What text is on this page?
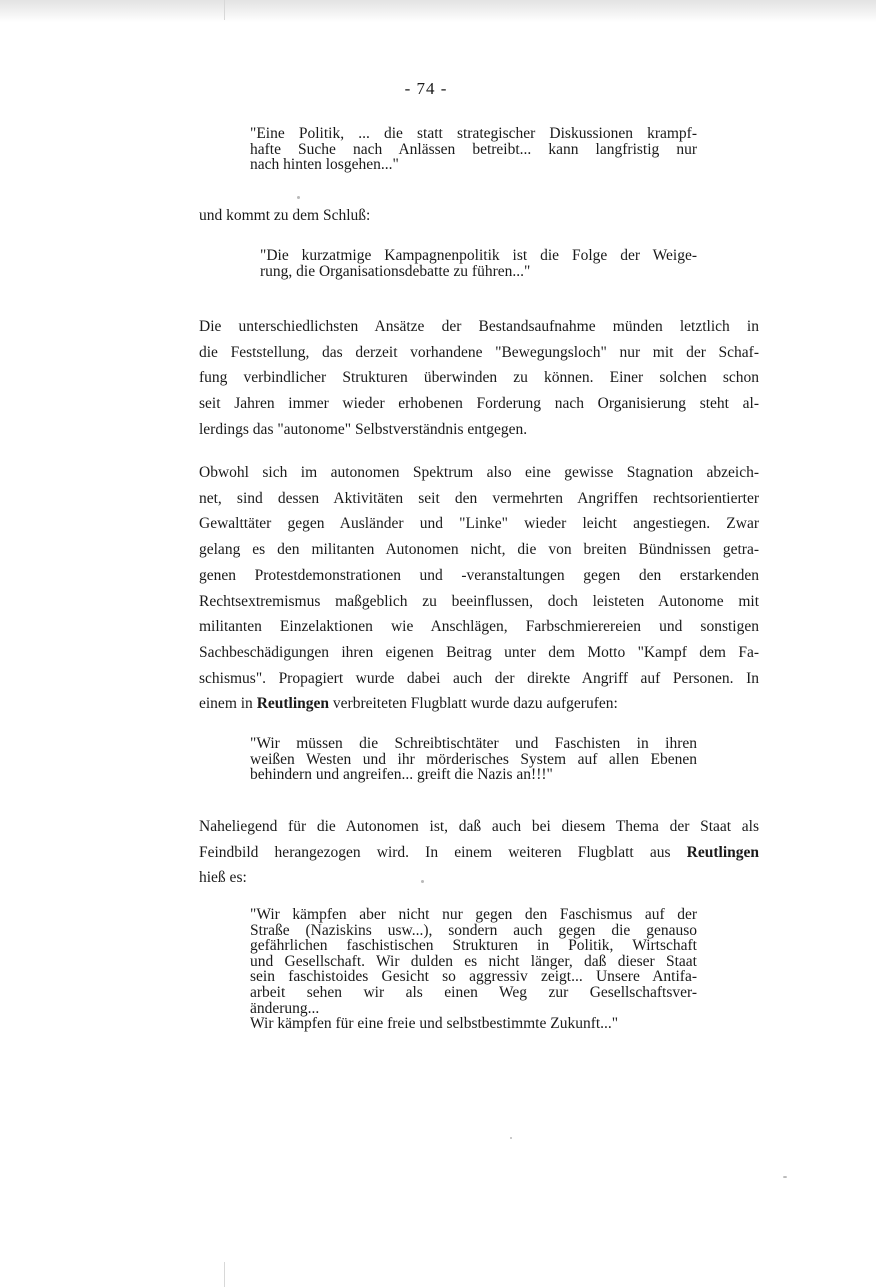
- 74 -
"Eine Politik, ... die statt strategischer Diskussionen krampf-
hafte Suche nach Anlässen betreibt... kann langfristig nur
nach hinten losgehen..."
und kommt zu dem Schluß:
"Die kurzatmige Kampagnenpolitik ist die Folge der Weige-
rung, die Organisationsdebatte zu führen..."
Die unterschiedlichsten Ansätze der Bestandsaufnahme münden letztlich in
die Feststellung, das derzeit vorhandene "Bewegungsloch" nur mit der Schaf-
fung verbindlicher Strukturen überwinden zu können. Einer solchen schon
seit Jahren immer wieder erhobenen Forderung nach Organisierung steht al-
lerdings das "autonome" Selbstverständnis entgegen.
Obwohl sich im autonomen Spektrum also eine gewisse Stagnation abzeich-
net, sind dessen Aktivitäten seit den vermehrten Angriffen rechtsorientierter
Gewalttäter gegen Ausländer und "Linke" wieder leicht angestiegen. Zwar
gelang es den militanten Autonomen nicht, die von breiten Bündnissen getra-
genen Protestdemonstrationen und -veranstaltungen gegen den erstarkenden
Rechtsextremismus maßgeblich zu beeinflussen, doch leisteten Autonome mit
militanten Einzelaktionen wie Anschlägen, Farbschmierereien und sonstigen
Sachbeschädigungen ihren eigenen Beitrag unter dem Motto "Kampf dem Fa-
schismus". Propagiert wurde dabei auch der direkte Angriff auf Personen. In
einem in Reutlingen verbreiteten Flugblatt wurde dazu aufgerufen:
"Wir müssen die Schreibtischtäter und Faschisten in ihren
weißen Westen und ihr mörderisches System auf allen Ebenen
behindern und angreifen... greift die Nazis an!!!"
Naheliegend für die Autonomen ist, daß auch bei diesem Thema der Staat als
Feindbild herangezogen wird. In einem weiteren Flugblatt aus Reutlingen
hieß es:
"Wir kämpfen aber nicht nur gegen den Faschismus auf der
Straße (Naziskins usw...), sondern auch gegen die genauso
gefährlichen faschistischen Strukturen in Politik, Wirtschaft
und Gesellschaft. Wir dulden es nicht länger, daß dieser Staat
sein faschistoides Gesicht so aggressiv zeigt... Unsere Antifa-
arbeit sehen wir als einen Weg zur Gesellschaftsver-
änderung...
Wir kämpfen für eine freie und selbstbestimmte Zukunft..."
